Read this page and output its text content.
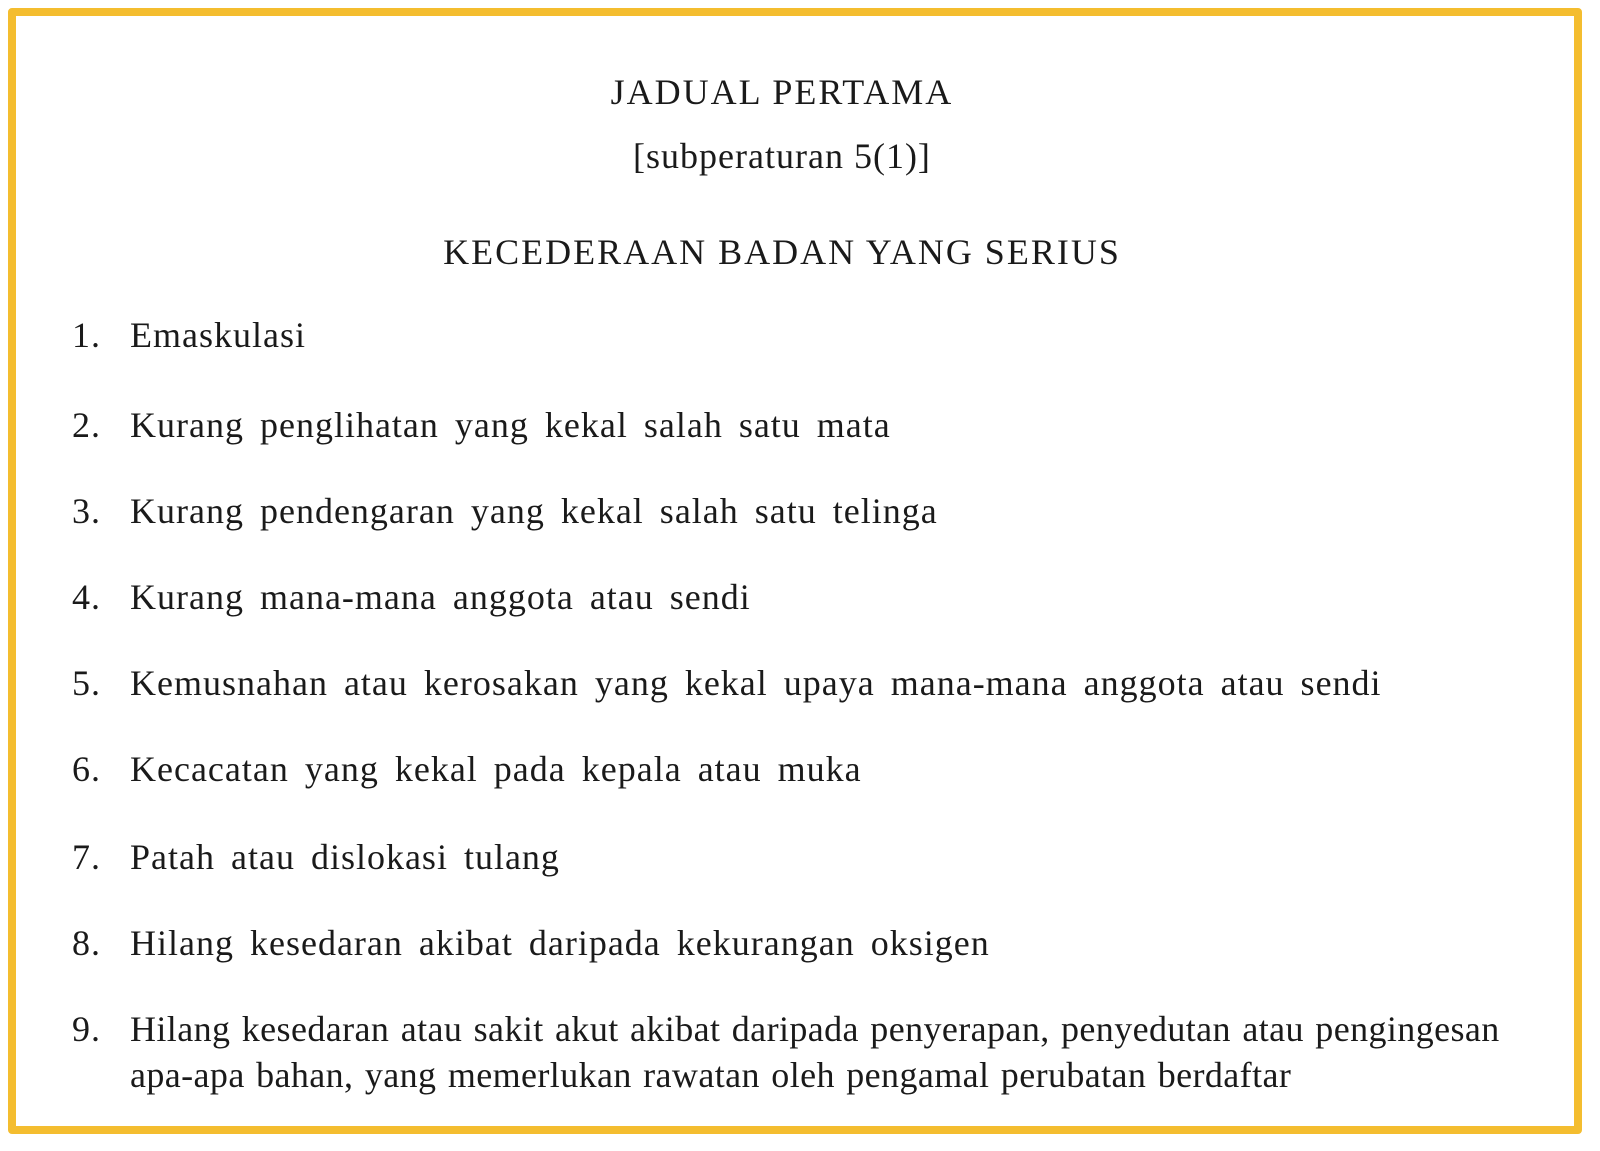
JADUAL PERTAMA
[subperaturan 5(1)]
KECEDERAAN BADAN YANG SERIUS
1. Emaskulasi
2. Kurang penglihatan yang kekal salah satu mata
3. Kurang pendengaran yang kekal salah satu telinga
4. Kurang mana-mana anggota atau sendi
5. Kemusnahan atau kerosakan yang kekal upaya mana-mana anggota atau sendi
6. Kecacatan yang kekal pada kepala atau muka
7. Patah atau dislokasi tulang
8. Hilang kesedaran akibat daripada kekurangan oksigen
9. Hilang kesedaran atau sakit akut akibat daripada penyerapan, penyedutan atau pengingesan apa-apa bahan, yang memerlukan rawatan oleh pengamal perubatan berdaftar
